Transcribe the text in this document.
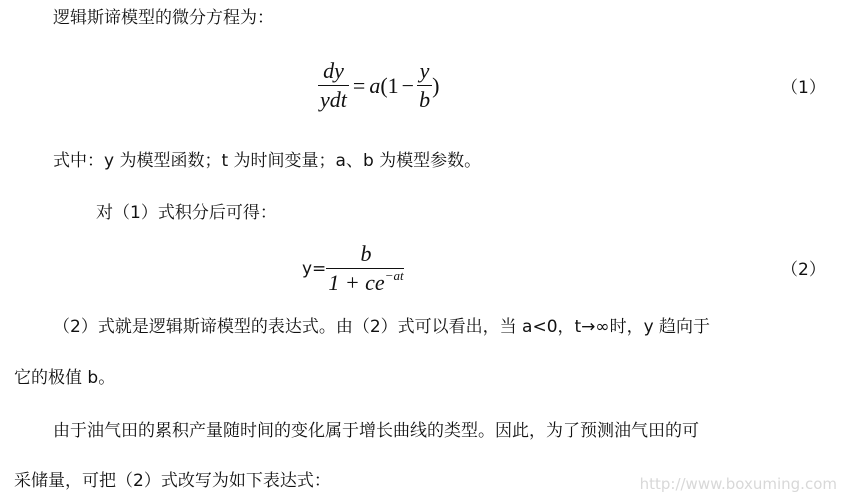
逻辑斯谛模型的微分方程为：
$\frac{dy}{\text{ydt}} = a$ ( $1 - \frac{y}{b}$ )	（1）
式中：y 为模型函数；t 为时间变量；a、b 为模型参数。
对（1）式积分后可得：
$y= \frac{b}{1 + ce^{-at}}$	（2）
（2）式就是逻辑斯谛模型的表达式。由（2）式可以看出，当 a<0，t→∞时，y 趋向于
它的极值 b。
由于油气田的累积产量随时间的变化属于增长曲线的类型。因此，为了预测油气田的可
采储量，可把（2）式改写为如下表达式：	http://www.boxuming.com
